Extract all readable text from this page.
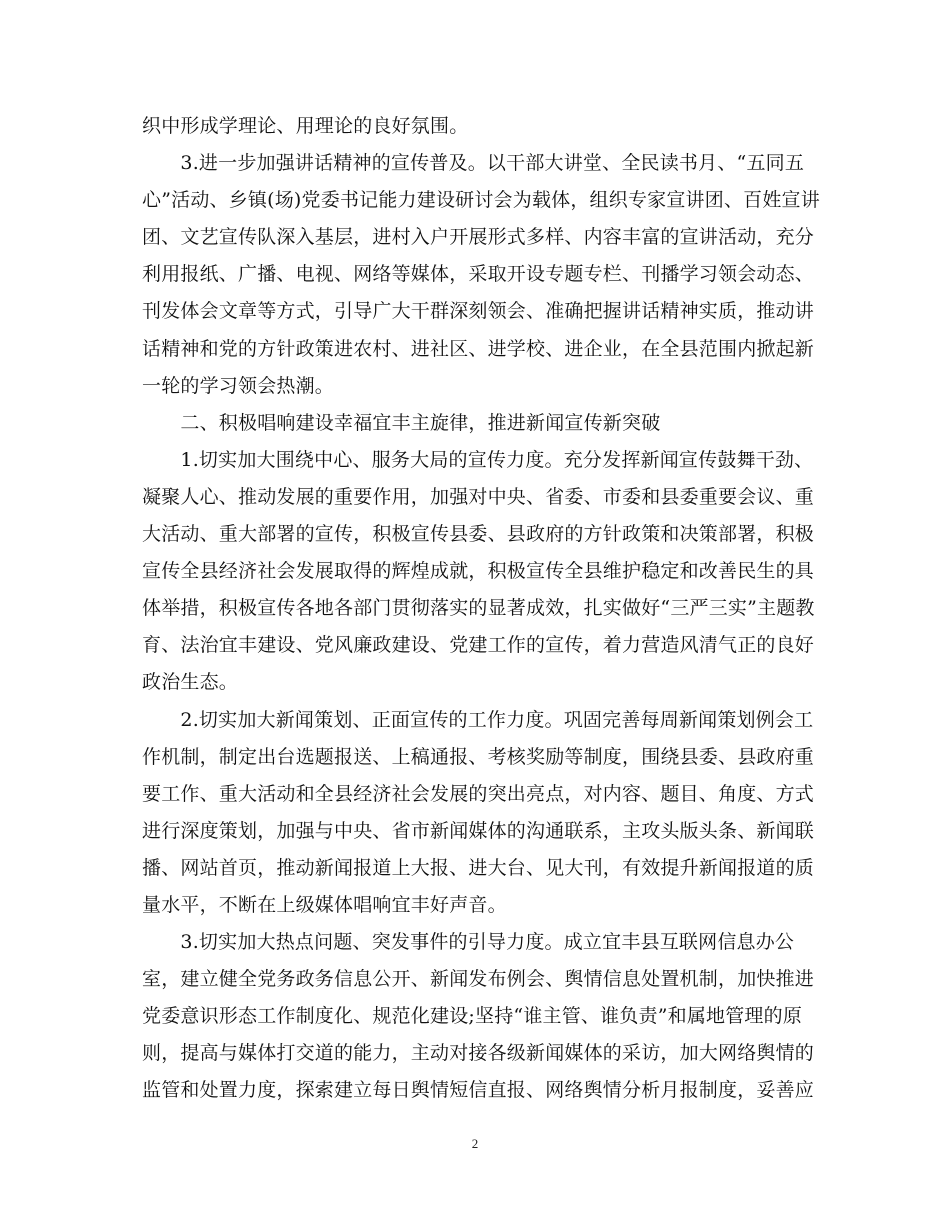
织中形成学理论、用理论的良好氛围。
　　3.进一步加强讲话精神的宣传普及。以干部大讲堂、全民读书月、“五同五
心”活动、乡镇(场)党委书记能力建设研讨会为载体，组织专家宣讲团、百姓宣讲
团、文艺宣传队深入基层，进村入户开展形式多样、内容丰富的宣讲活动，充分
利用报纸、广播、电视、网络等媒体，采取开设专题专栏、刊播学习领会动态、
刊发体会文章等方式，引导广大干群深刻领会、准确把握讲话精神实质，推动讲
话精神和党的方针政策进农村、进社区、进学校、进企业，在全县范围内掀起新
一轮的学习领会热潮。
　　二、积极唱响建设幸福宜丰主旋律，推进新闻宣传新突破
　　1.切实加大围绕中心、服务大局的宣传力度。充分发挥新闻宣传鼓舞干劲、
凝聚人心、推动发展的重要作用，加强对中央、省委、市委和县委重要会议、重
大活动、重大部署的宣传，积极宣传县委、县政府的方针政策和决策部署，积极
宣传全县经济社会发展取得的辉煌成就，积极宣传全县维护稳定和改善民生的具
体举措，积极宣传各地各部门贯彻落实的显著成效，扎实做好“三严三实”主题教
育、法治宜丰建设、党风廉政建设、党建工作的宣传，着力营造风清气正的良好
政治生态。
　　2.切实加大新闻策划、正面宣传的工作力度。巩固完善每周新闻策划例会工
作机制，制定出台选题报送、上稿通报、考核奖励等制度，围绕县委、县政府重
要工作、重大活动和全县经济社会发展的突出亮点，对内容、题目、角度、方式
进行深度策划，加强与中央、省市新闻媒体的沟通联系，主攻头版头条、新闻联
播、网站首页，推动新闻报道上大报、进大台、见大刊，有效提升新闻报道的质
量水平，不断在上级媒体唱响宜丰好声音。
　　3.切实加大热点问题、突发事件的引导力度。成立宜丰县互联网信息办公
室，建立健全党务政务信息公开、新闻发布例会、舆情信息处置机制，加快推进
党委意识形态工作制度化、规范化建设;坚持“谁主管、谁负责”和属地管理的原
则，提高与媒体打交道的能力，主动对接各级新闻媒体的采访，加大网络舆情的
监管和处置力度，探索建立每日舆情短信直报、网络舆情分析月报制度，妥善应
2
